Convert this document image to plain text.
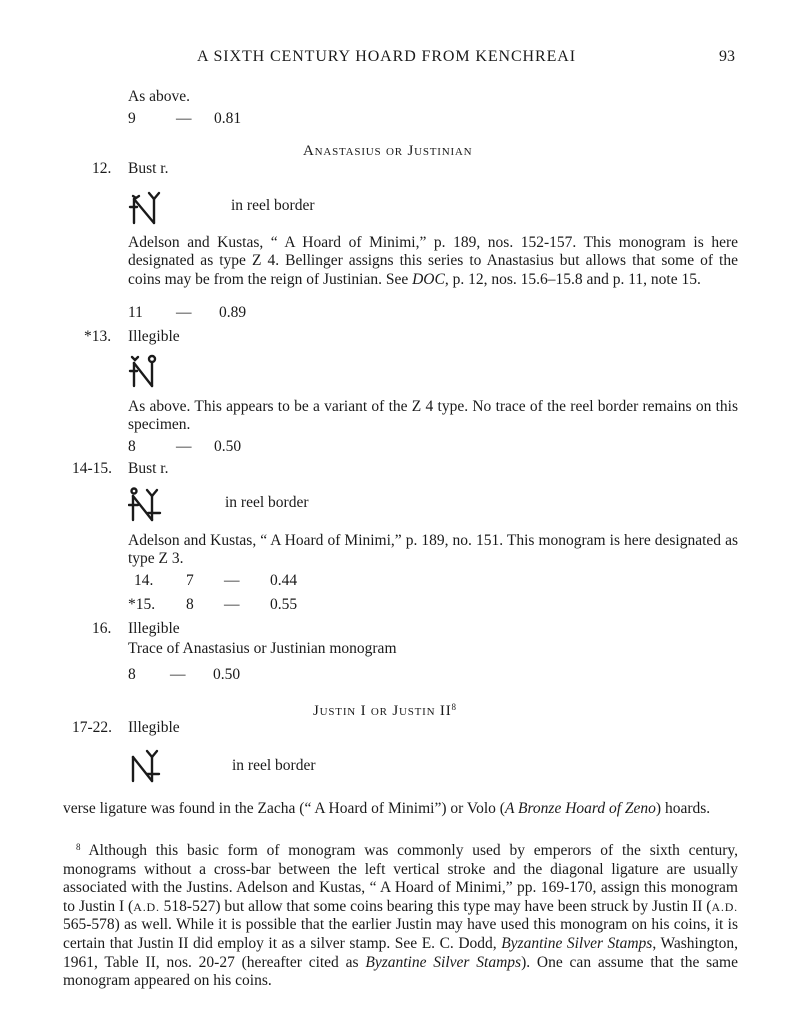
A SIXTH CENTURY HOARD FROM KENCHREAI	93
As above.
9	— 0.81
Anastasius or Justinian
12. Bust r.
in reel border
Adelson and Kustas, “ A Hoard of Minimi,” p. 189, nos. 152-157. This monogram is here designated as type Z 4. Bellinger assigns this series to Anastasius but allows that some of the coins may be from the reign of Justinian. See DOC, p. 12, nos. 15.6–15.8 and p. 11, note 15.
11 — 0.89
*13. Illegible
As above. This appears to be a variant of the Z 4 type. No trace of the reel border remains on this specimen.
8	— 0.50
14-15. Bust r.
in reel border
Adelson and Kustas, “ A Hoard of Minimi,” p. 189, no. 151. This monogram is here designated as type Z 3.
14. 7 — 0.44
*15. 8 — 0.55
16. Illegible
Trace of Anastasius or Justinian monogram
8 — 0.50
Justin I or Justin $II^8$
17-22. Illegible
in reel border
verse ligature was found in the Zacha (“ A Hoard of Minimi”) or Volo (A Bronze Hoard of Zeno) hoards.
$^8$ Although this basic form of monogram was commonly used by emperors of the sixth century, monograms without a cross-bar between the left vertical stroke and the diagonal ligature are usually associated with the Justins. Adelson and Kustas, “ A Hoard of Minimi,” pp. 169-170, assign this monogram to Justin I (A.D. 518-527) but allow that some coins bearing this type may have been struck by Justin II (A.D. 565-578) as well. While it is possible that the earlier Justin may have used this monogram on his coins, it is certain that Justin II did employ it as a silver stamp. See E. C. Dodd, Byzantine Silver Stamps, Washington, 1961, Table II, nos. 20-27 (hereafter cited as Byzantine Silver Stamps). One can assume that the same monogram appeared on his coins.
